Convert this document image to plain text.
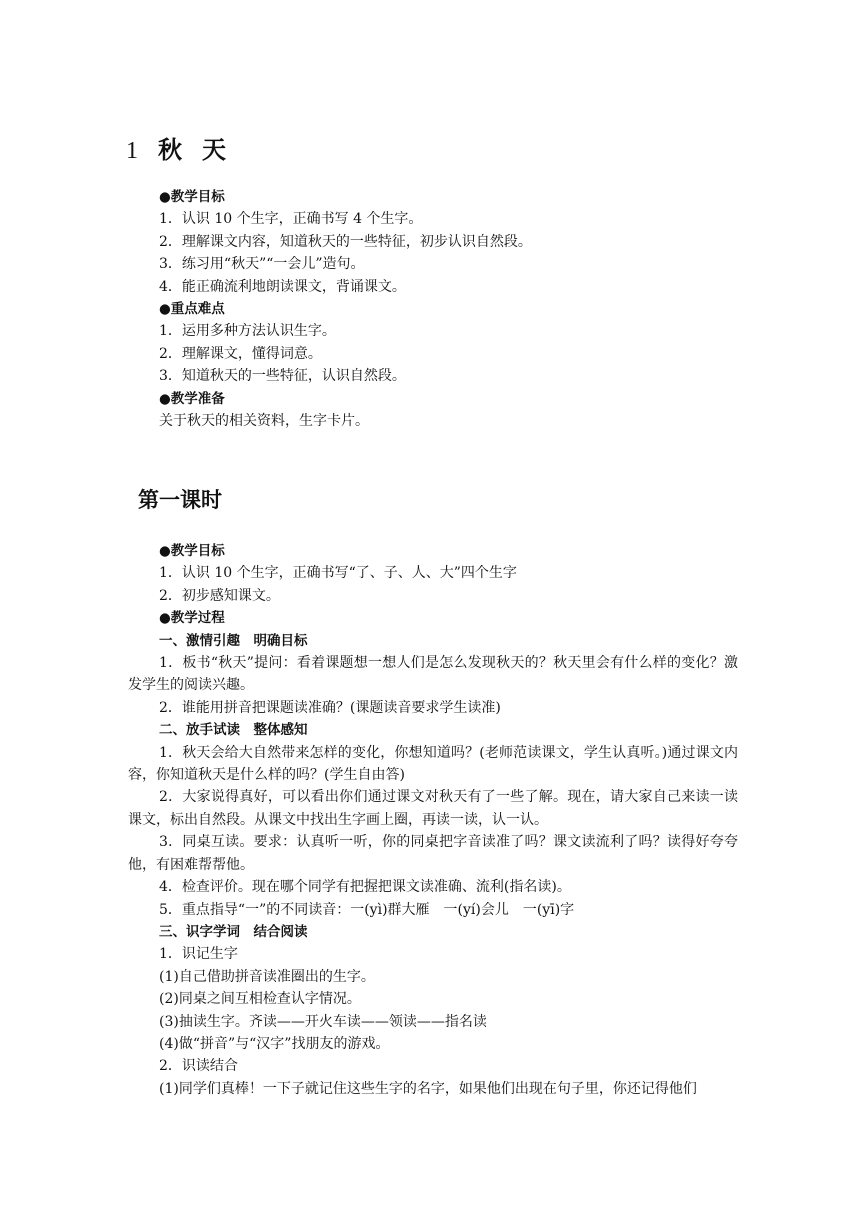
1 秋天
●教学目标
1．认识 10 个生字，正确书写 4 个生字。
2．理解课文内容，知道秋天的一些特征，初步认识自然段。
3．练习用“秋天”“一会儿”造句。
4．能正确流利地朗读课文，背诵课文。
●重点难点
1．运用多种方法认识生字。
2．理解课文，懂得词意。
3．知道秋天的一些特征，认识自然段。
●教学准备
关于秋天的相关资料，生字卡片。
第一课时
●教学目标
1．认识 10 个生字，正确书写“了、子、人、大”四个生字
2．初步感知课文。
●教学过程
一、激情引趣　明确目标
1．板书“秋天”提问：看着课题想一想人们是怎么发现秋天的？秋天里会有什么样的变化？激发学生的阅读兴趣。
2．谁能用拼音把课题读准确？(课题读音要求学生读准)
二、放手试读　整体感知
1．秋天会给大自然带来怎样的变化，你想知道吗？(老师范读课文，学生认真听。)通过课文内容，你知道秋天是什么样的吗？(学生自由答)
2．大家说得真好，可以看出你们通过课文对秋天有了一些了解。现在，请大家自己来读一读课文，标出自然段。从课文中找出生字画上圈，再读一读，认一认。
3．同桌互读。要求：认真听一听，你的同桌把字音读准了吗？课文读流利了吗？读得好夸夸他，有困难帮帮他。
4．检查评价。现在哪个同学有把握把课文读准确、流利(指名读)。
5．重点指导“一”的不同读音：一(yì)群大雁　一(yí)会儿　一(yī)字
三、识字学词　结合阅读
1．识记生字
(1)自己借助拼音读准圈出的生字。
(2)同桌之间互相检查认字情况。
(3)抽读生字。齐读——开火车读——领读——指名读
(4)做“拼音”与“汉字”找朋友的游戏。
2．识读结合
(1)同学们真棒！一下子就记住这些生字的名字，如果他们出现在句子里，你还记得他们
